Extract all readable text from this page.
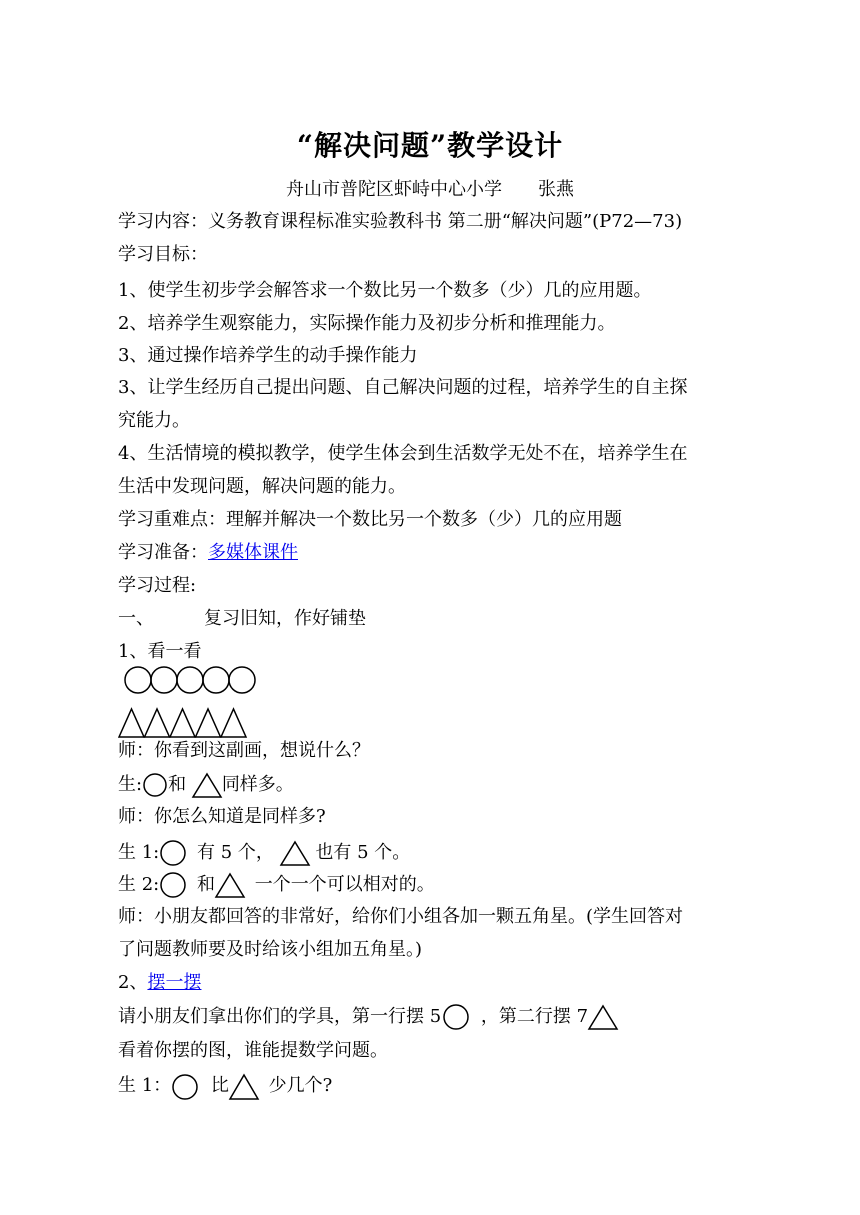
“解决问题”教学设计
舟山市普陀区虾峙中心小学　　张燕
学习内容：义务教育课程标准实验教科书 第二册“解决问题”(P72—73)
学习目标：
1、使学生初步学会解答求一个数比另一个数多（少）几的应用题。
2、培养学生观察能力，实际操作能力及初步分析和推理能力。
3、通过操作培养学生的动手操作能力
3、让学生经历自己提出问题、自己解决问题的过程，培养学生的自主探
究能力。
4、生活情境的模拟教学，使学生体会到生活数学无处不在，培养学生在
生活中发现问题，解决问题的能力。
学习重难点：理解并解决一个数比另一个数多（少）几的应用题
学习准备：多媒体课件
学习过程:
一、	复习旧知，作好铺垫
1、看一看
师：你看到这副画，想说什么？
生: 和 同样多。
师：你怎么知道是同样多?
生 1: 有 5 个， 也有 5 个。
生 2: 和 一个一个可以相对的。
师：小朋友都回答的非常好，给你们小组各加一颗五角星。(学生回答对
了问题教师要及时给该小组加五角星。)
2、摆一摆
请小朋友们拿出你们的学具，第一行摆 5 ，第二行摆 7
看着你摆的图，谁能提数学问题。
生 1： 比 少几个?
